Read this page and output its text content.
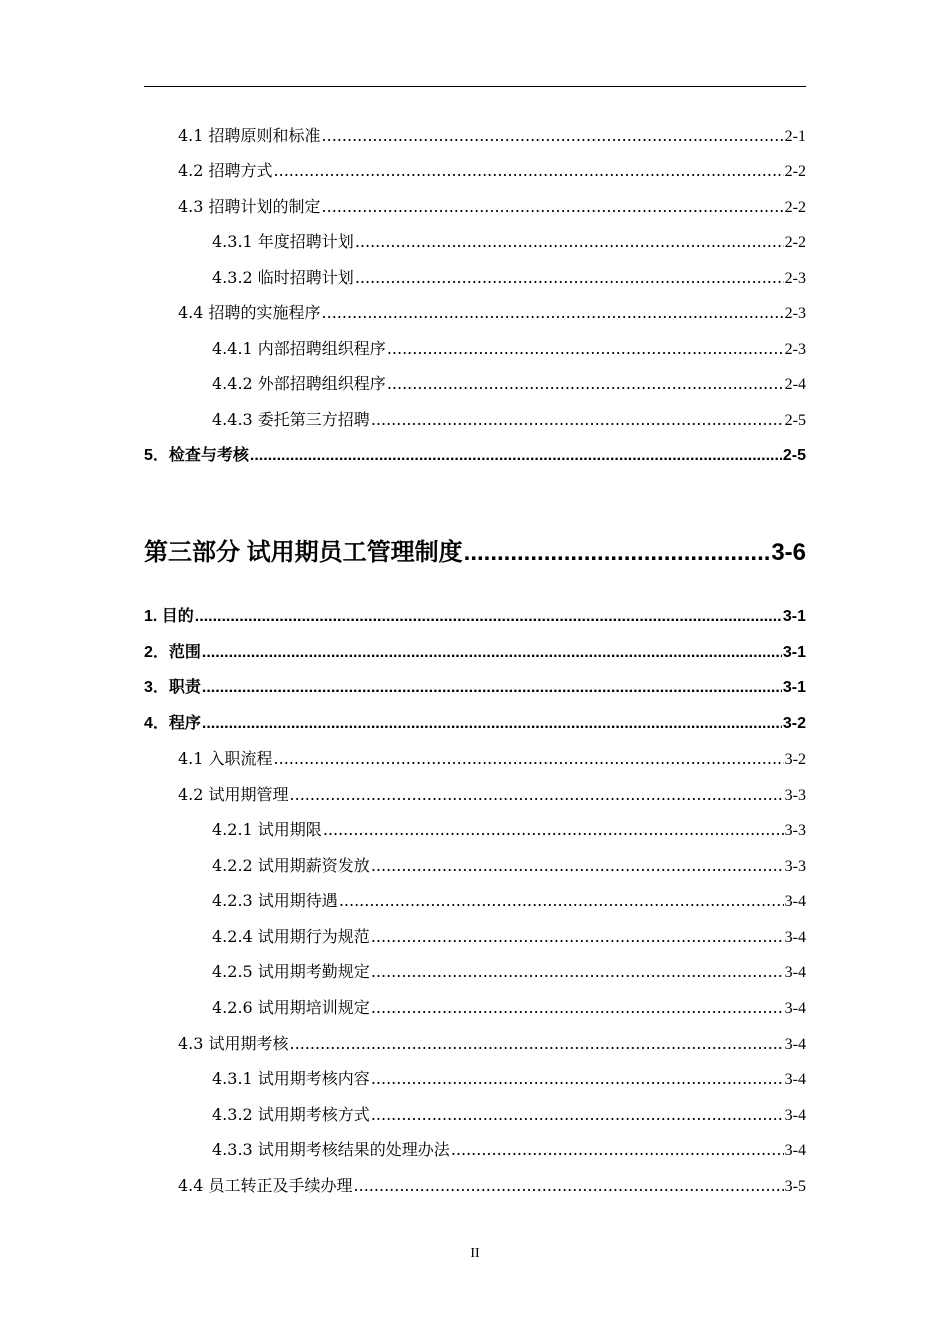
4.1 招聘原则和标准 .....	2-1
4.2 招聘方式 .....	2-2
4.3 招聘计划的制定 .....	2-2
4.3.1 年度招聘计划 .....	2-2
4.3.2 临时招聘计划 .....	2-3
4.4 招聘的实施程序 .....	2-3
4.4.1 内部招聘组织程序 .....	2-3
4.4.2 外部招聘组织程序 .....	2-4
4.4.3 委托第三方招聘 .....	2-5
5．检查与考核 .....	2-5
第三部分 试用期员工管理制度 .....	3-6
1. 目的 .....	3-1
2．范围 .....	3-1
3．职责 .....	3-1
4．程序 .....	3-2
4.1 入职流程 .....	3-2
4.2 试用期管理 .....	3-3
4.2.1 试用期限 .....	3-3
4.2.2 试用期薪资发放 .....	3-3
4.2.3 试用期待遇 .....	3-4
4.2.4 试用期行为规范 .....	3-4
4.2.5 试用期考勤规定 .....	3-4
4.2.6 试用期培训规定 .....	3-4
4.3 试用期考核 .....	3-4
4.3.1 试用期考核内容 .....	3-4
4.3.2 试用期考核方式 .....	3-4
4.3.3 试用期考核结果的处理办法 .....	3-4
4.4 员工转正及手续办理 .....	3-5
II
